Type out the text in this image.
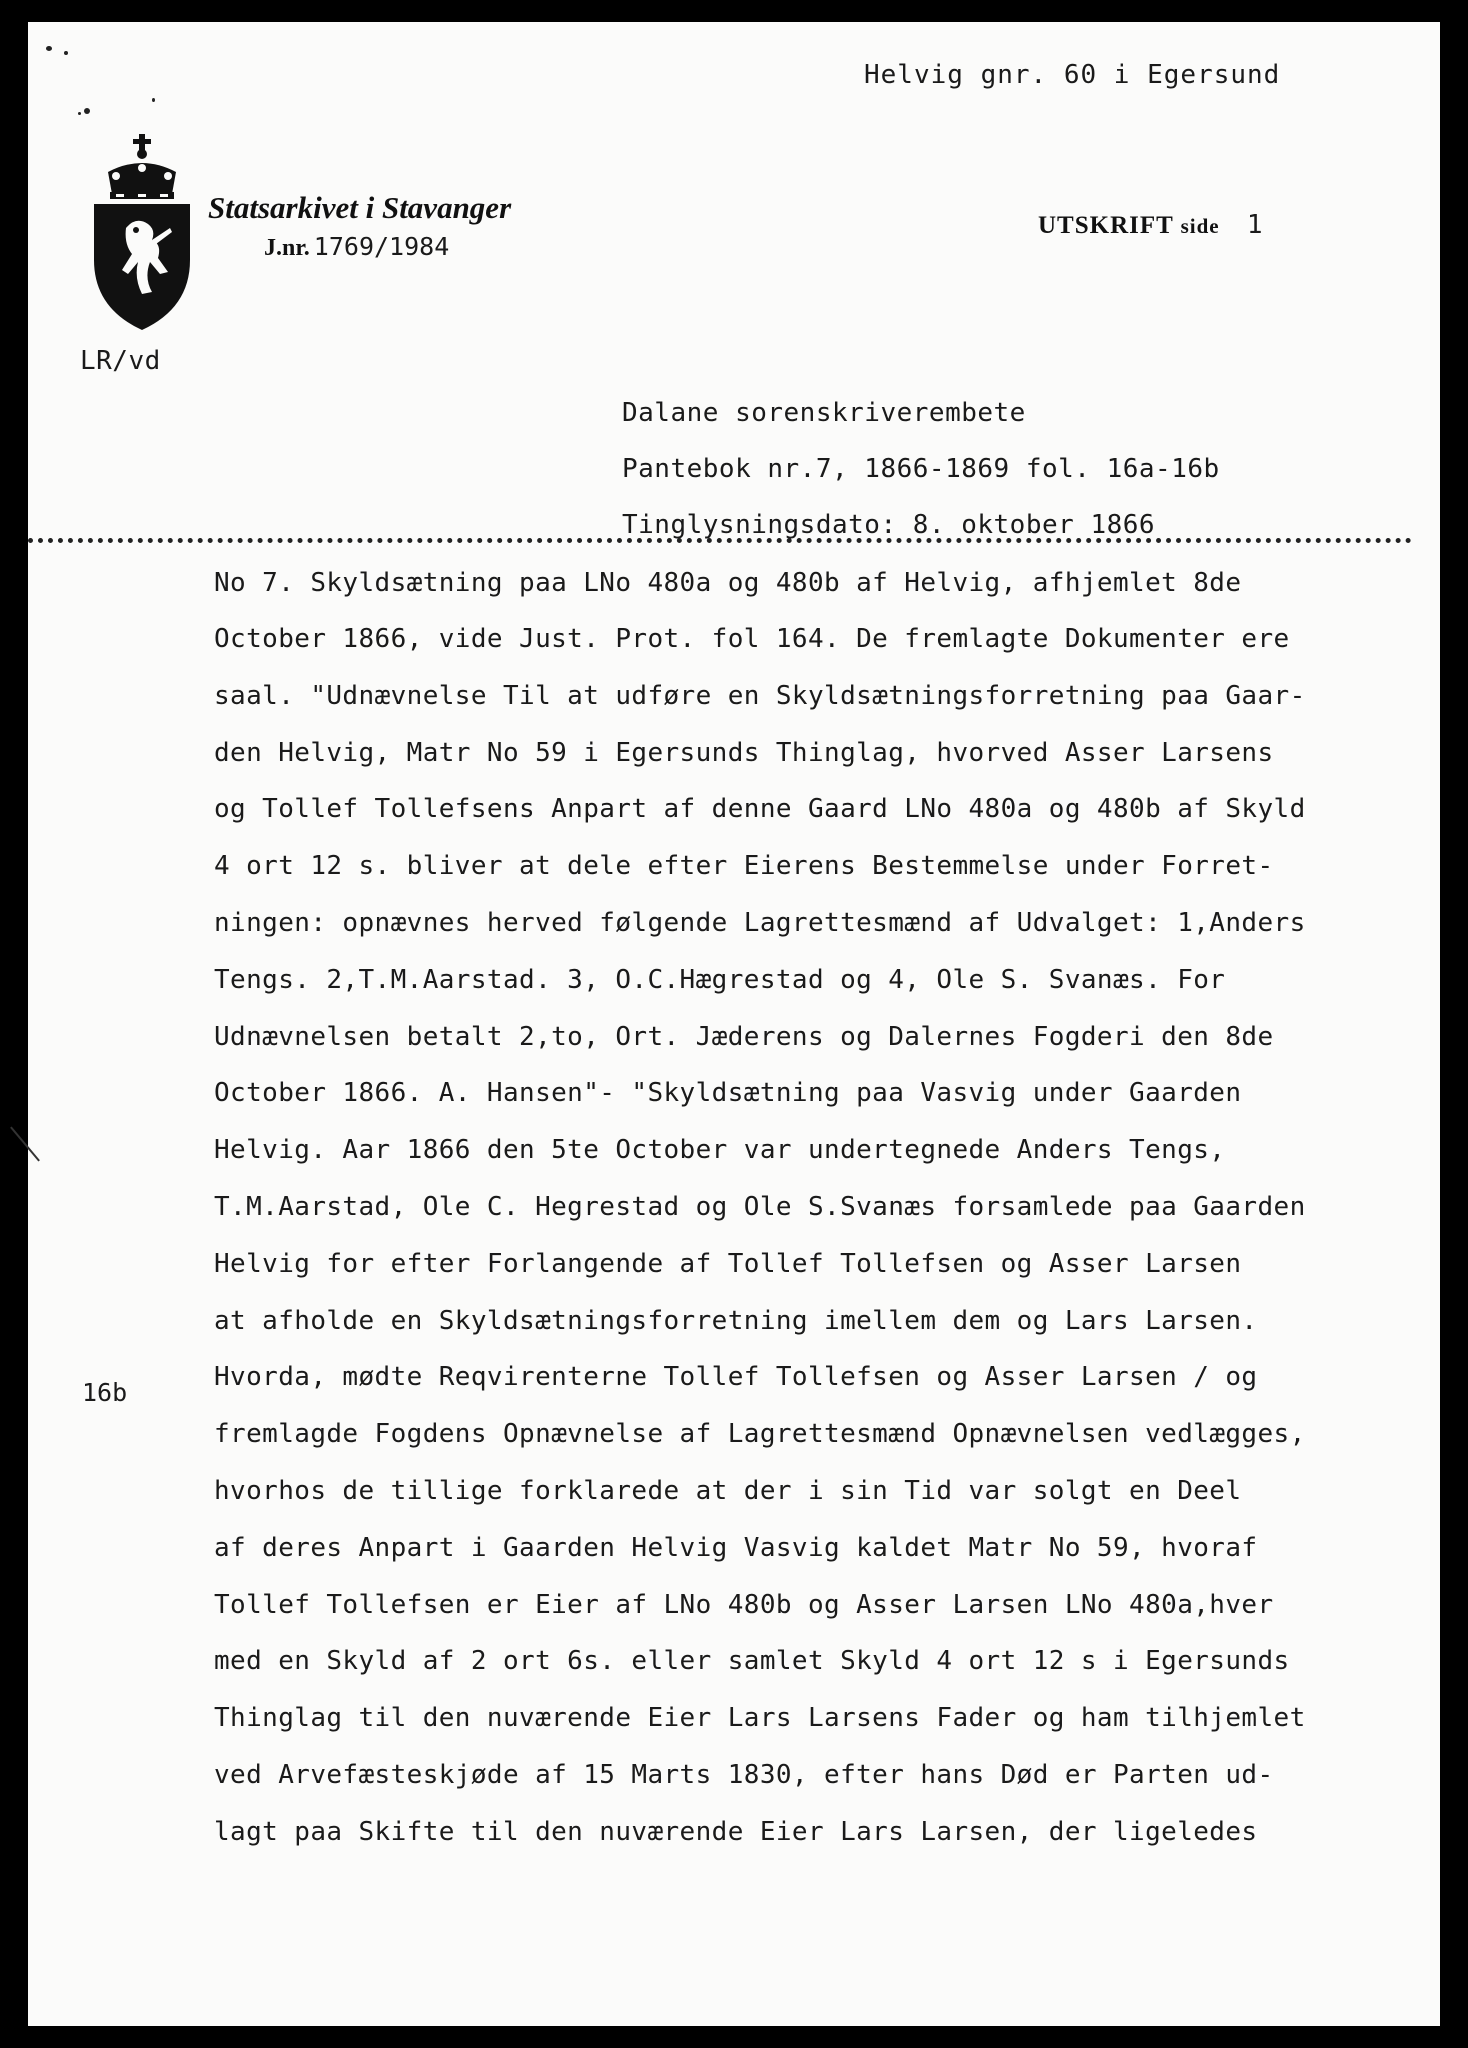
Helvig gnr. 60 i Egersund
Statsarkivet i Stavanger
J.nr. 1769/1984
UTSKRIFT side 1
LR/vd
Dalane sorenskriverembete
Pantebok nr.7, 1866-1869 fol. 16a-16b
Tinglysningsdato: 8. oktober 1866
16b
No 7. Skyldsætning paa LNo 480a og 480b af Helvig, afhjemlet 8de
October 1866, vide Just. Prot. fol 164. De fremlagte Dokumenter ere
saal. "Udnævnelse Til at udføre en Skyldsætningsforretning paa Gaar-
den Helvig, Matr No 59 i Egersunds Thinglag, hvorved Asser Larsens
og Tollef Tollefsens Anpart af denne Gaard LNo 480a og 480b af Skyld
4 ort 12 s. bliver at dele efter Eierens Bestemmelse under Forret-
ningen: opnævnes herved følgende Lagrettesmænd af Udvalget: 1,Anders
Tengs. 2,T.M.Aarstad. 3, O.C.Hægrestad og 4, Ole S. Svanæs. For
Udnævnelsen betalt 2,to, Ort. Jæderens og Dalernes Fogderi den 8de
October 1866. A. Hansen"- "Skyldsætning paa Vasvig under Gaarden
Helvig. Aar 1866 den 5te October var undertegnede Anders Tengs,
T.M.Aarstad, Ole C. Hegrestad og Ole S.Svanæs forsamlede paa Gaarden
Helvig for efter Forlangende af Tollef Tollefsen og Asser Larsen
at afholde en Skyldsætningsforretning imellem dem og Lars Larsen.
Hvorda, mødte Reqvirenterne Tollef Tollefsen og Asser Larsen / og
fremlagde Fogdens Opnævnelse af Lagrettesmænd Opnævnelsen vedlægges,
hvorhos de tillige forklarede at der i sin Tid var solgt en Deel
af deres Anpart i Gaarden Helvig Vasvig kaldet Matr No 59, hvoraf
Tollef Tollefsen er Eier af LNo 480b og Asser Larsen LNo 480a,hver
med en Skyld af 2 ort 6s. eller samlet Skyld 4 ort 12 s i Egersunds
Thinglag til den nuværende Eier Lars Larsens Fader og ham tilhjemlet
ved Arvefæsteskjøde af 15 Marts 1830, efter hans Død er Parten ud-
lagt paa Skifte til den nuværende Eier Lars Larsen, der ligeledes
